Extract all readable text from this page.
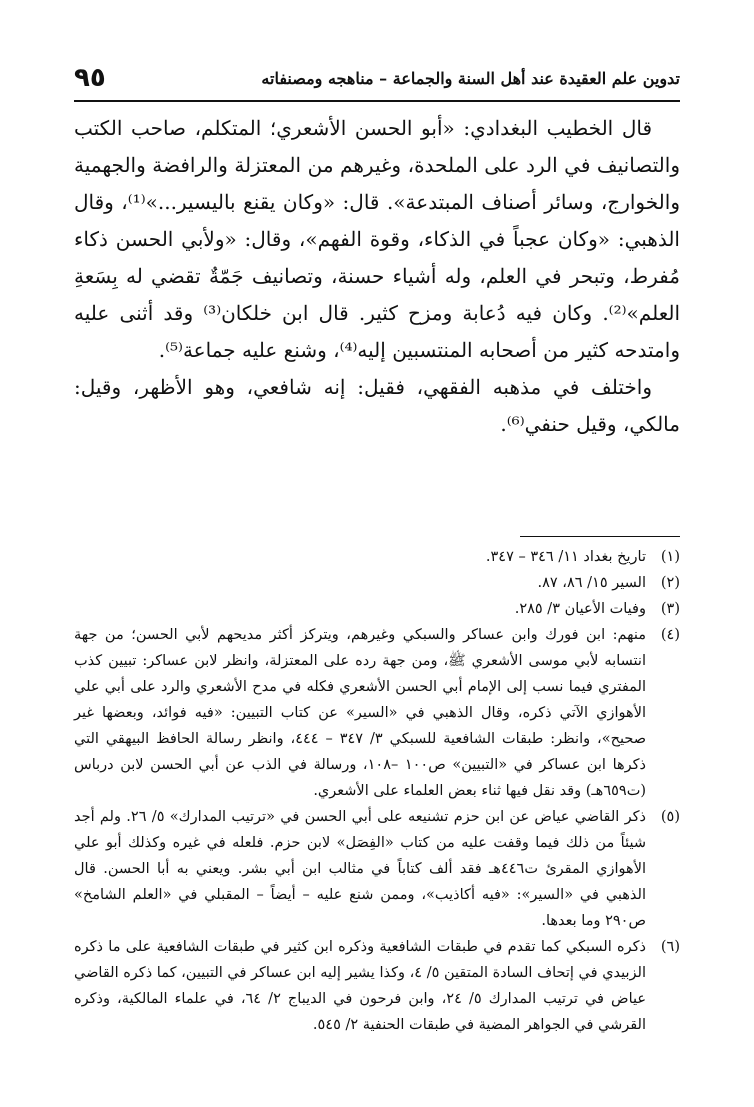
تدوين علم العقيدة عند أهل السنة والجماعة – مناهجه ومصنفاته
٩٥

قال الخطيب البغدادي: «أبو الحسن الأشعري؛ المتكلم، صاحب الكتب والتصانيف في الرد على الملحدة، وغيرهم من المعتزلة والرافضة والجهمية والخوارج، وسائر أصناف المبتدعة». قال: «وكان يقنع باليسير...»⁽¹⁾، وقال الذهبي: «وكان عجباً في الذكاء، وقوة الفهم»، وقال: «ولأبي الحسن ذكاء مُفرط، وتبحر في العلم، وله أشياء حسنة، وتصانيف جَمّةٌ تقضي له بِسَعةِ العلم»⁽²⁾. وكان فيه دُعابة ومزح كثير. قال ابن خلكان⁽³⁾ وقد أثنى عليه وامتدحه كثير من أصحابه المنتسبين إليه⁽⁴⁾، وشنع عليه جماعة⁽⁵⁾.

واختلف في مذهبه الفقهي، فقيل: إنه شافعي، وهو الأظهر، وقيل: مالكي، وقيل حنفي⁽⁶⁾.

(١)
تاريخ بغداد ١١/ ٣٤٦ – ٣٤٧.
(٢)
السير ١٥/ ٨٦، ٨٧.
(٣)
وفيات الأعيان ٣/ ٢٨٥.
(٤)
منهم: ابن فورك وابن عساكر والسبكي وغيرهم، ويتركز أكثر مديحهم لأبي الحسن؛ من جهة انتسابه لأبي موسى الأشعري ﷺ، ومن جهة رده على المعتزلة، وانظر لابن عساكر: تبيين كذب المفتري فيما نسب إلى الإمام أبي الحسن الأشعري فكله في مدح الأشعري والرد على أبي علي الأهوازي الآتي ذكره، وقال الذهبي في «السير» عن كتاب التبيين: «فيه فوائد، وبعضها غير صحيح»، وانظر: طبقات الشافعية للسبكي ٣/ ٣٤٧ – ٤٤٤، وانظر رسالة الحافظ البيهقي التي ذكرها ابن عساكر في «التبيين» ص١٠٠ –١٠٨، ورسالة في الذب عن أبي الحسن لابن درباس (ت٦٥٩هـ) وقد نقل فيها ثناء بعض العلماء على الأشعري.
(٥)
ذكر القاضي عياض عن ابن حزم تشنيعه على أبي الحسن في «ترتيب المدارك» ٥/ ٢٦. ولم أجد شيئاً من ذلك فيما وقفت عليه من كتاب «الفِصَل» لابن حزم. فلعله في غيره وكذلك أبو علي الأهوازي المقرئ ت٤٤٦هـ فقد ألف كتاباً في مثالب ابن أبي بشر. ويعني به أبا الحسن. قال الذهبي في «السير»: «فيه أكاذيب»، وممن شنع عليه – أيضاً – المقبلي في «العلم الشامخ» ص٢٩٠ وما بعدها.
(٦)
ذكره السبكي كما تقدم في طبقات الشافعية وذكره ابن كثير في طبقات الشافعية على ما ذكره الزبيدي في إتحاف السادة المتقين ٥/ ٤، وكذا يشير إليه ابن عساكر في التبيين، كما ذكره القاضي عياض في ترتيب المدارك ٥/ ٢٤، وابن فرحون في الديباج ٢/ ٦٤، في علماء المالكية، وذكره القرشي في الجواهر المضية في طبقات الحنفية ٢/ ٥٤٥.
